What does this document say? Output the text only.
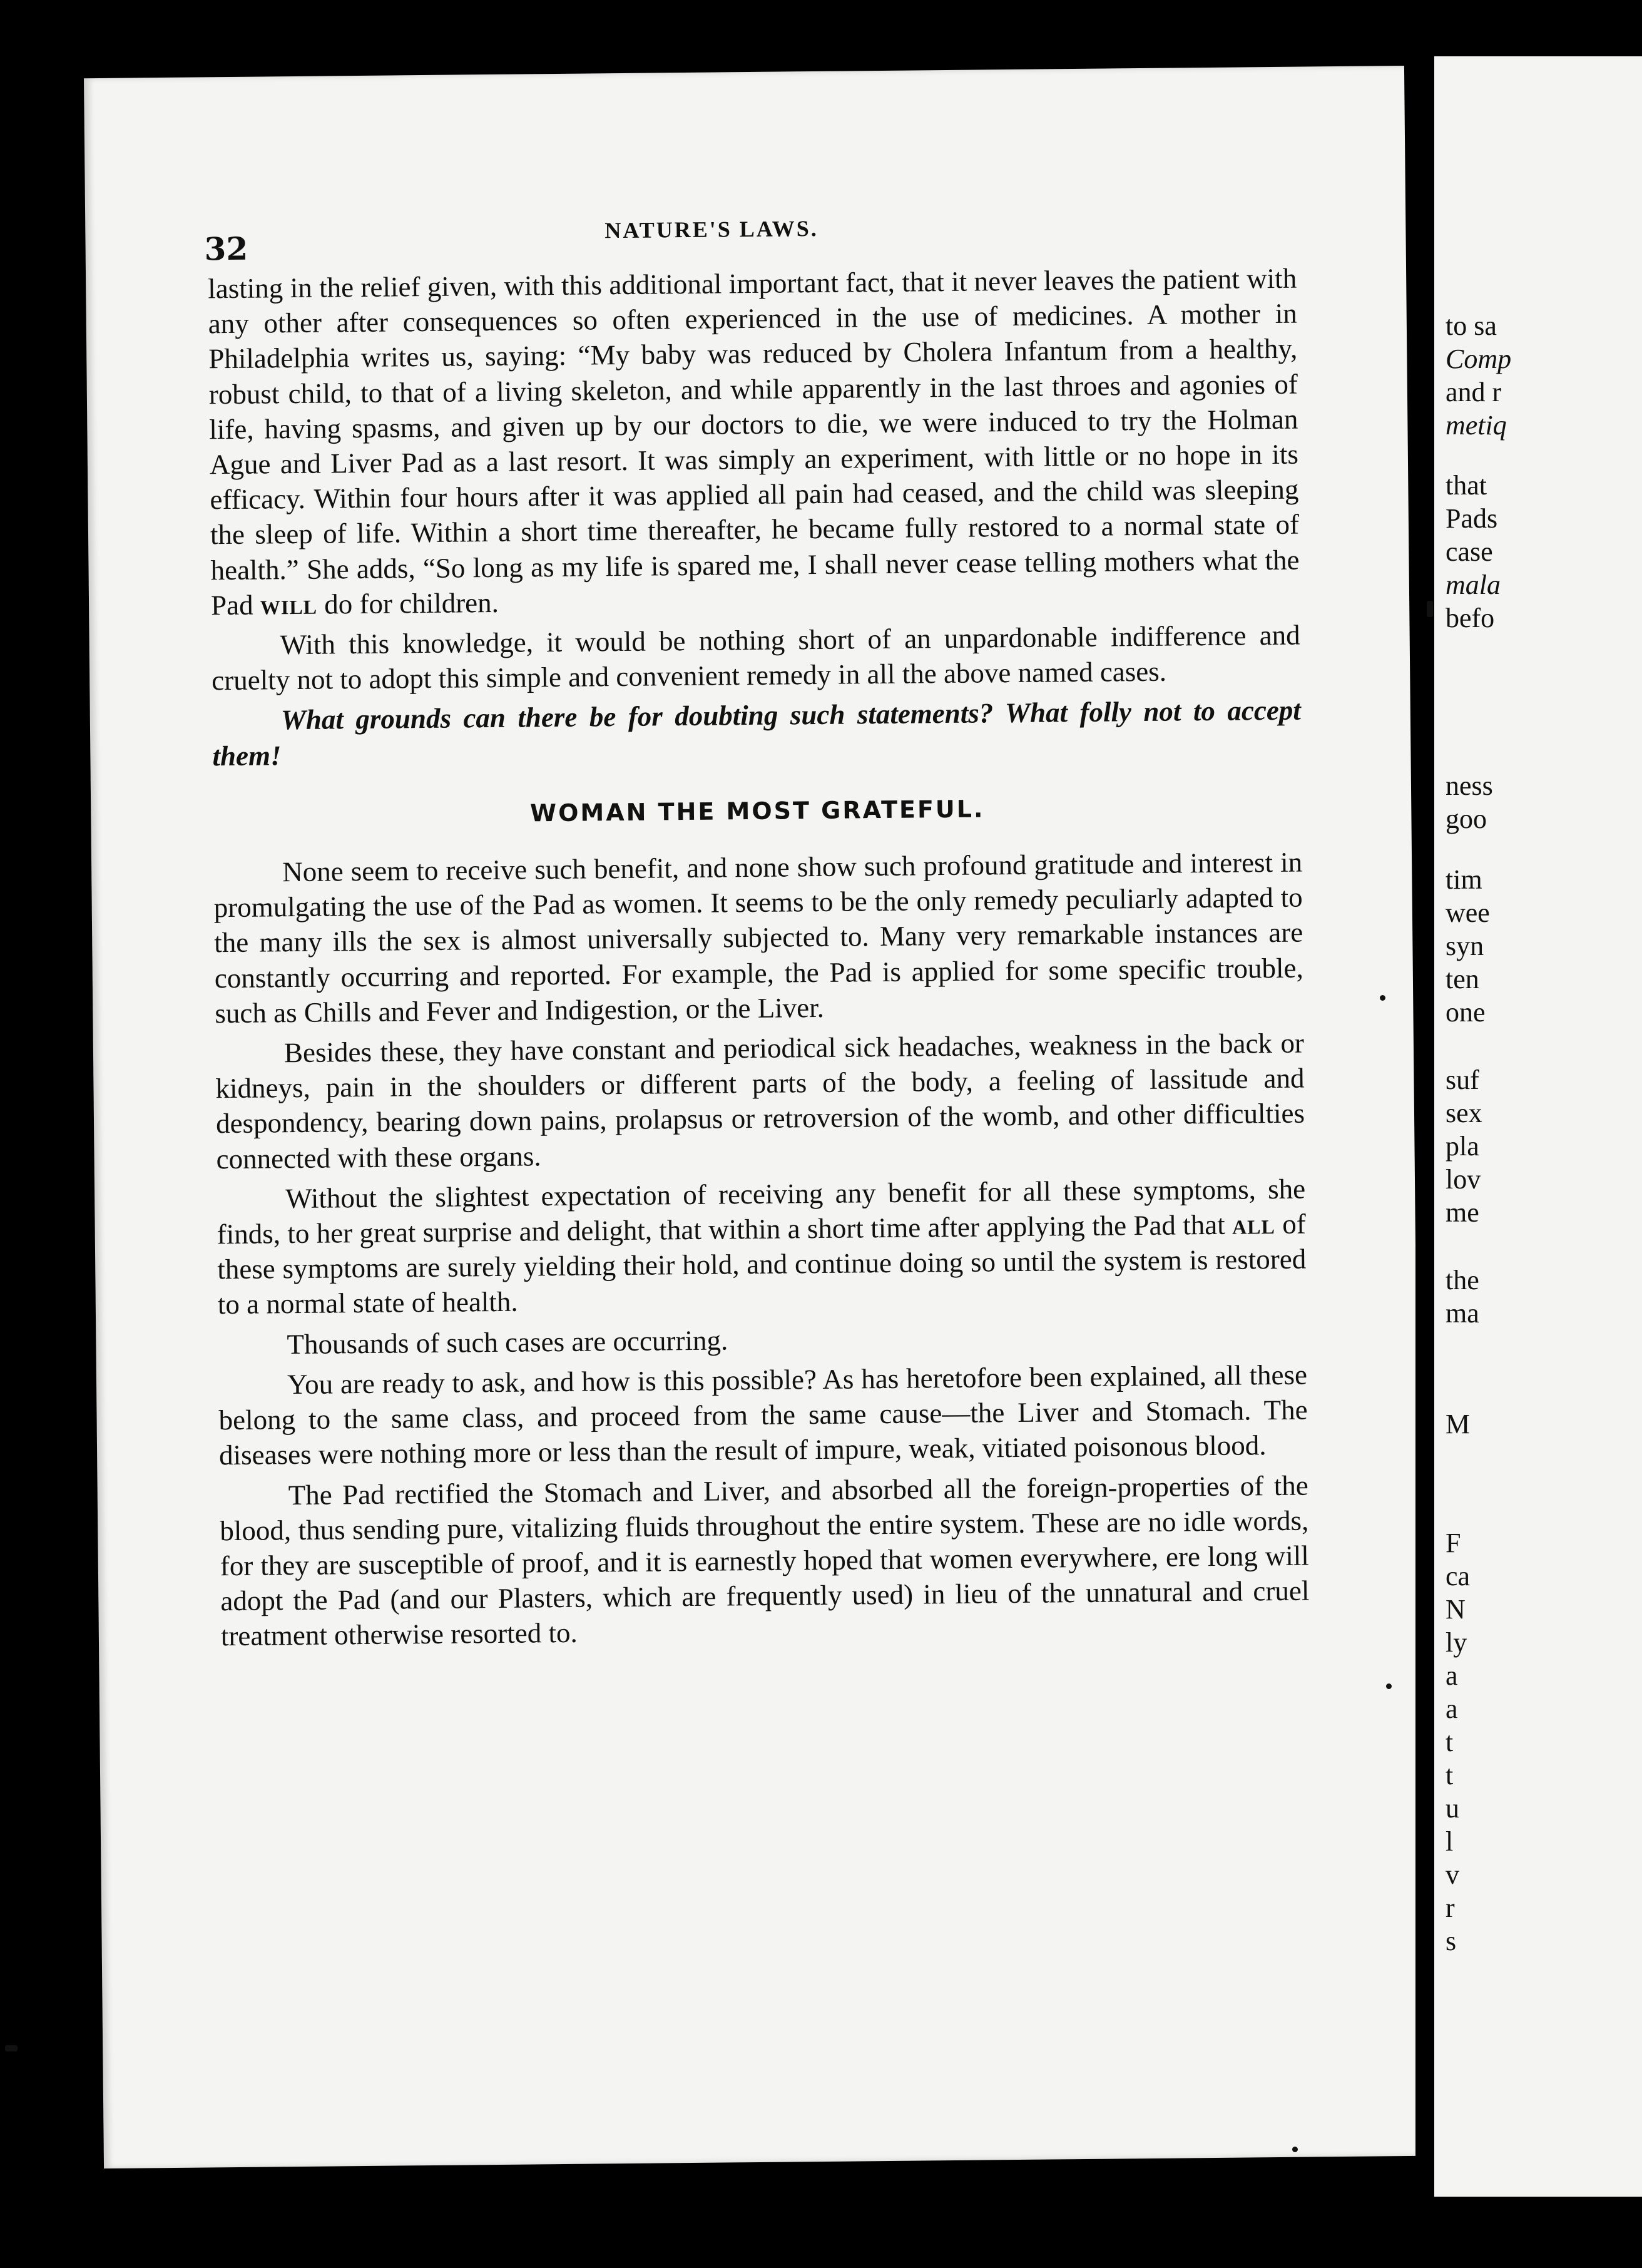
32
NATURE'S LAWS.

lasting in the relief given, with this additional important fact, that it never leaves the patient with any other after consequences so often experienced in the use of medicines. A mother in Philadelphia writes us, saying: “My baby was reduced by Cholera Infantum from a healthy, robust child, to that of a living skeleton, and while apparently in the last throes and agonies of life, having spasms, and given up by our doctors to die, we were induced to try the Holman Ague and Liver Pad as a last resort. It was simply an experiment, with little or no hope in its efficacy. Within four hours after it was applied all pain had ceased, and the child was sleeping the sleep of life. Within a short time thereafter, he became fully restored to a normal state of health.” She adds, “So long as my life is spared me, I shall never cease telling mothers what the Pad will do for children.

With this knowledge, it would be nothing short of an unpardonable indifference and cruelty not to adopt this simple and convenient remedy in all the above named cases.

What grounds can there be for doubting such statements? What folly not to accept them!

WOMAN THE MOST GRATEFUL.

None seem to receive such benefit, and none show such profound gratitude and interest in promulgating the use of the Pad as women. It seems to be the only remedy peculiarly adapted to the many ills the sex is almost universally subjected to. Many very remarkable instances are constantly occurring and reported. For example, the Pad is applied for some specific trouble, such as Chills and Fever and Indigestion, or the Liver.

Besides these, they have constant and periodical sick headaches, weakness in the back or kidneys, pain in the shoulders or different parts of the body, a feeling of lassitude and despondency, bearing down pains, prolapsus or retroversion of the womb, and other difficulties connected with these organs.

Without the slightest expectation of receiving any benefit for all these symptoms, she finds, to her great surprise and delight, that within a short time after applying the Pad that all of these symptoms are surely yielding their hold, and continue doing so until the system is restored to a normal state of health.

Thousands of such cases are occurring.

You are ready to ask, and how is this possible? As has heretofore been explained, all these belong to the same class, and proceed from the same cause—the Liver and Stomach. The diseases were nothing more or less than the result of impure, weak, vitiated poisonous blood.

The Pad rectified the Stomach and Liver, and absorbed all the foreign-properties of the blood, thus sending pure, vitalizing fluids throughout the entire system. These are no idle words, for they are susceptible of proof, and it is earnestly hoped that women everywhere, ere long will adopt the Pad (and our Plasters, which are frequently used) in lieu of the unnatural and cruel treatment otherwise resorted to.

to sa
Comp
and r
metiq
that
Pads
case
mala
befo
ness
goo
tim
wee
syn
ten
one
suf
sex
pla
lov
me
the
ma
M
F
ca
N
ly
a
a
t
t
u
l
v
r
s
